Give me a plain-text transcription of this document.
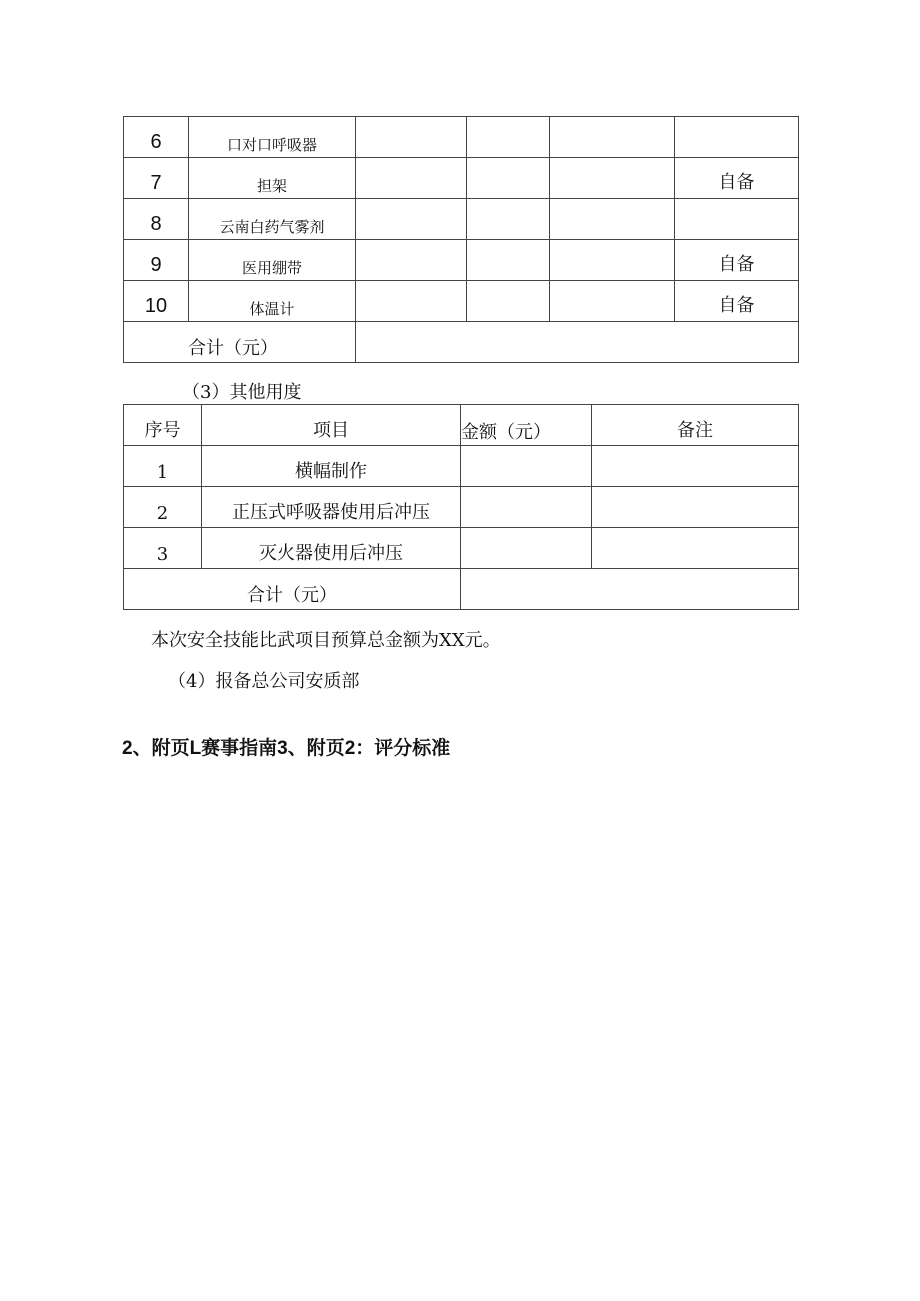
6	口对口呼吸器				
7	担架				自备
8	云南白药气雾剂				
9	医用绷带				自备
10	体温计				自备
合计（元）					
（3）其他用度
序号	项目	金额（元）	备注
1	横幅制作		
2	正压式呼吸器使用后冲压		
3	灭火器使用后冲压		
合计（元）			
本次安全技能比武项目预算总金额为XX元。
（4）报备总公司安质部
2、附页L赛事指南3、附页2：评分标准
